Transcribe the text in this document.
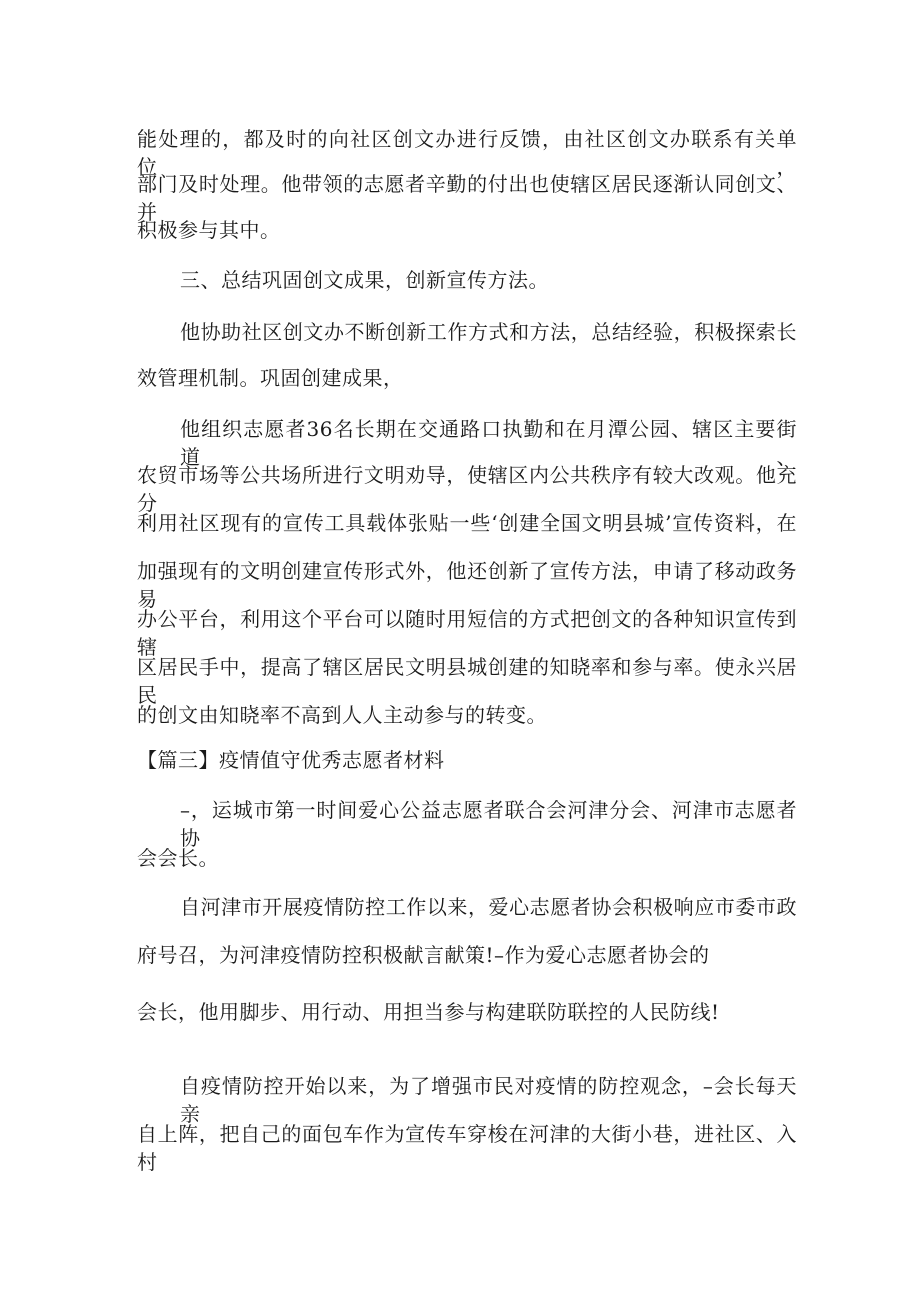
能处理的，都及时的向社区创文办进行反馈，由社区创文办联系有关单位，
部门及时处理。他带领的志愿者辛勤的付出也使辖区居民逐渐认同创文、并
积极参与其中。
三、总结巩固创文成果，创新宣传方法。
他协助社区创文办不断创新工作方式和方法，总结经验，积极探索长
效管理机制。巩固创建成果，
他组织志愿者36名长期在交通路口执勤和在月潭公园、辖区主要街道、
农贸市场等公共场所进行文明劝导，使辖区内公共秩序有较大改观。他充分
利用社区现有的宣传工具载体张贴一些‘创建全国文明县城’宣传资料，在
加强现有的文明创建宣传形式外，他还创新了宣传方法，申请了移动政务易
办公平台，利用这个平台可以随时用短信的方式把创文的各种知识宣传到辖
区居民手中，提高了辖区居民文明县城创建的知晓率和参与率。使永兴居民
的创文由知晓率不高到人人主动参与的转变。
【篇三】疫情值守优秀志愿者材料
–，运城市第一时间爱心公益志愿者联合会河津分会、河津市志愿者协
会会长。
自河津市开展疫情防控工作以来，爱心志愿者协会积极响应市委市政
府号召，为河津疫情防控积极献言献策!–作为爱心志愿者协会的
会长，他用脚步、用行动、用担当参与构建联防联控的人民防线!
自疫情防控开始以来，为了增强市民对疫情的防控观念，–会长每天亲
自上阵，把自己的面包车作为宣传车穿梭在河津的大街小巷，进社区、入村
